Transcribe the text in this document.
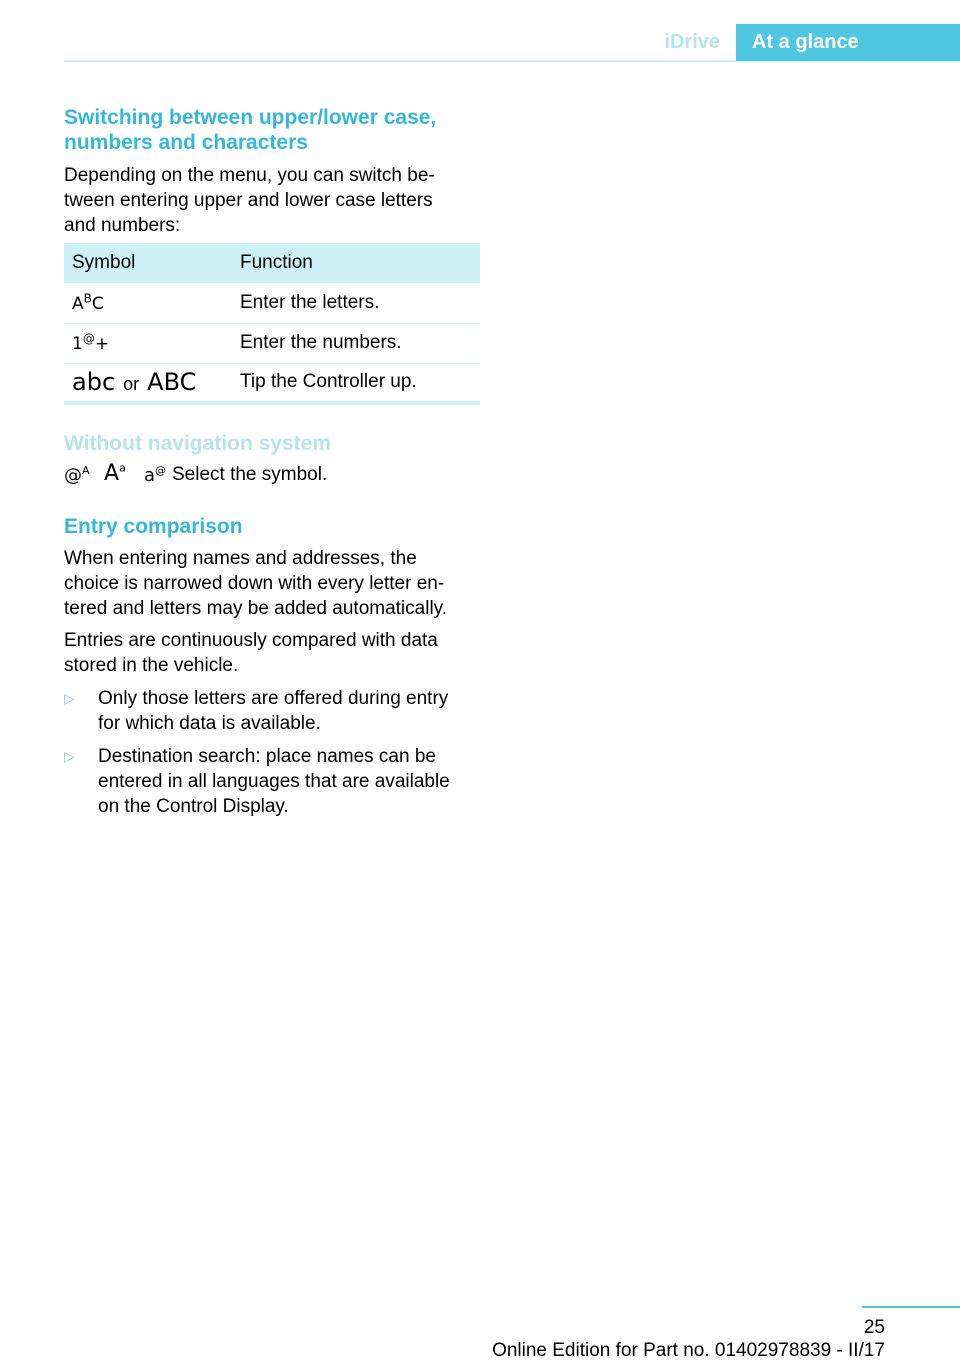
iDrive	At a glance
Switching between upper/lower case,
numbers and characters

Depending on the menu, you can switch be‐
tween entering upper and lower case letters
and numbers:

Symbol	Function
$A^BC$	Enter the letters.
1@+	Enter the numbers.
abc or ABC	Tip the Controller up.
Without navigation system
@$^A$ $A^a$ a@ Select the symbol.
Entry comparison

When entering names and addresses, the
choice is narrowed down with every letter en‐
tered and letters may be added automatically.

Entries are continuously compared with data
stored in the vehicle.

▷ Only those letters are offered during entry
for which data is available.
▷ Destination search: place names can be
entered in all languages that are available
on the Control Display.
25
Online Edition for Part no. 01402978839 - II/17
